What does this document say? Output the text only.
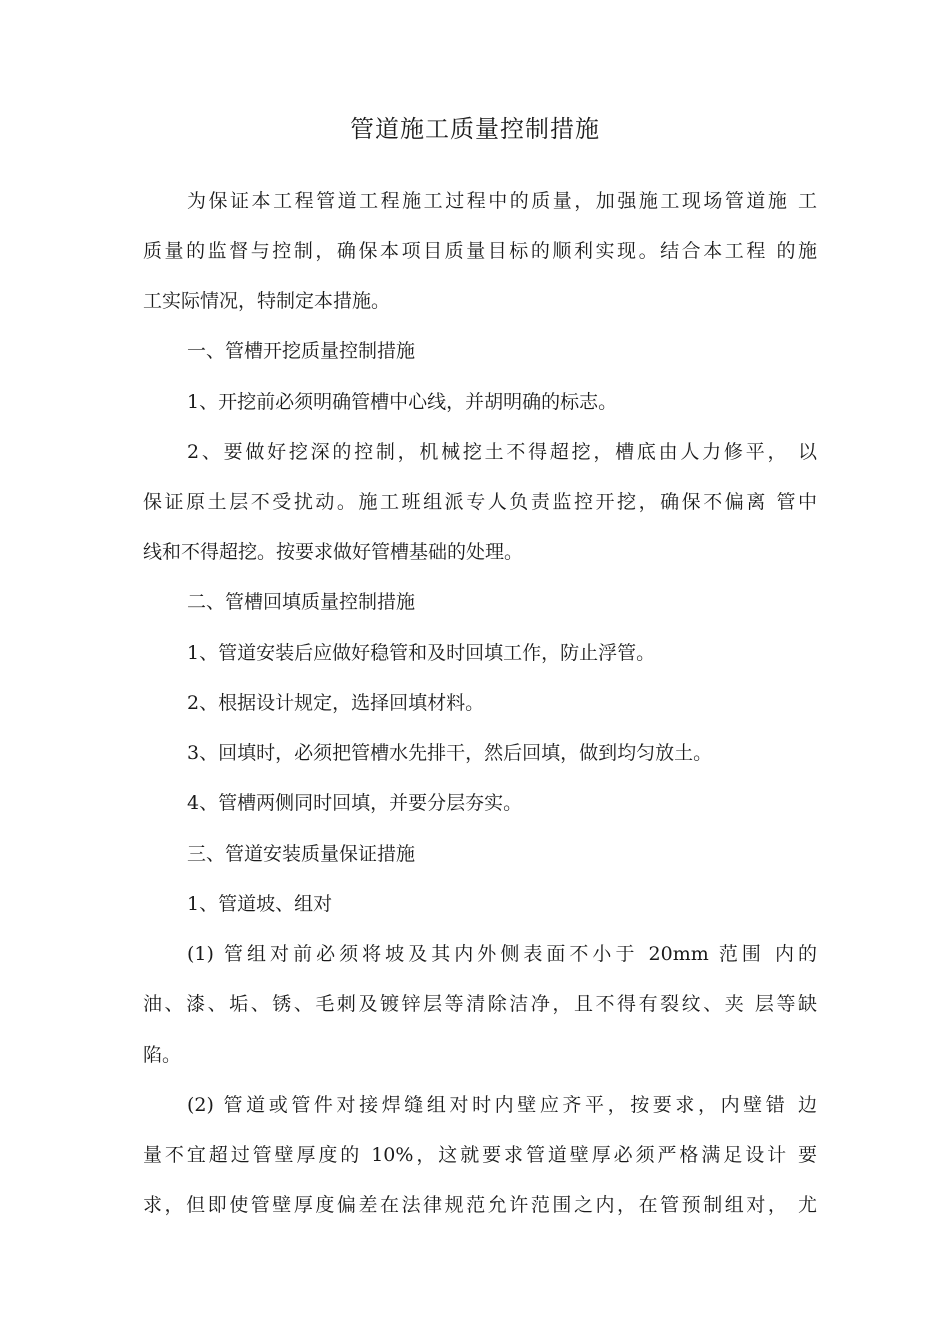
管道施工质量控制措施
为保证本工程管道工程施工过程中的质量，加强施工现场管道施 工
质量的监督与控制，确保本项目质量目标的顺利实现。结合本工程 的施
工实际情况，特制定本措施。
一、管槽开挖质量控制措施
1、开挖前必须明确管槽中心线，并胡明确的标志。
2、要做好挖深的控制，机械挖土不得超挖，槽底由人力修平， 以
保证原土层不受扰动。施工班组派专人负责监控开挖，确保不偏离 管中
线和不得超挖。按要求做好管槽基础的处理。
二、管槽回填质量控制措施
1、管道安装后应做好稳管和及时回填工作，防止浮管。
2、根据设计规定，选择回填材料。
3、回填时，必须把管槽水先排干，然后回填，做到均匀放土。
4、管槽两侧同时回填，并要分层夯实。
三、管道安装质量保证措施
1、管道坡、组对
(1) 管组对前必须将坡及其内外侧表面不小于 20mm 范围 内的
油、漆、垢、锈、毛刺及镀锌层等清除洁净，且不得有裂纹、夹 层等缺
陷。
(2) 管道或管件对接焊缝组对时内壁应齐平，按要求，内壁错 边
量不宜超过管壁厚度的 10%，这就要求管道壁厚必须严格满足设计 要
求，但即使管壁厚度偏差在法律规范允许范围之内，在管预制组对， 尤
